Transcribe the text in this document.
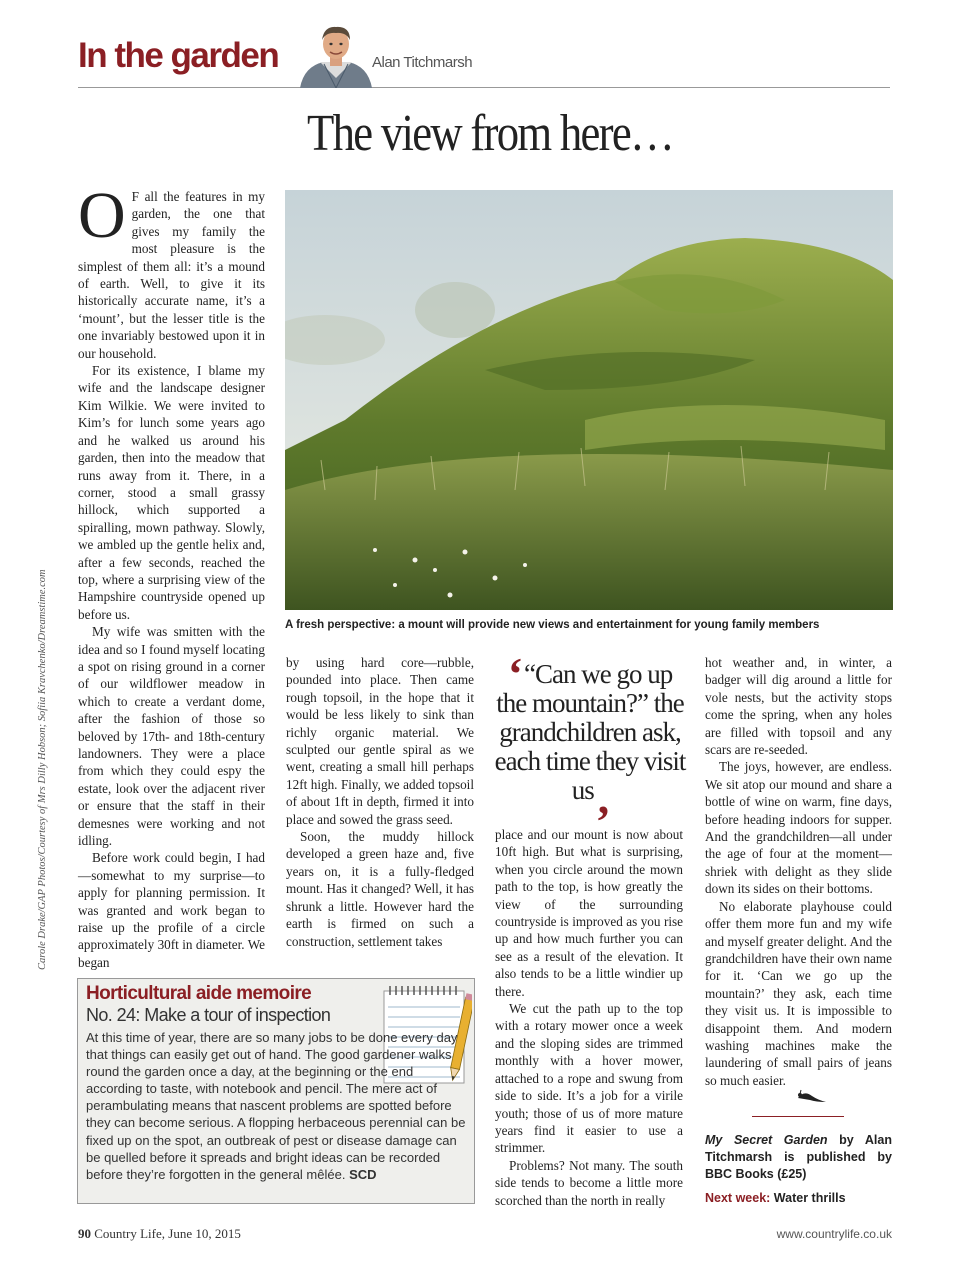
In the garden	Alan Titchmarsh
The view from here…
A fresh perspective: a mount will provide new views and entertainment for young family members
Carole Drake/GAP Photos/Courtesy of Mrs Dilly Hobson; Sofiia Kravchenko/Dreamstime.com

O F all the features in my garden, the one that gives my family the most pleasure is the simplest of them all: it’s a mound of earth. Well, to give it its historically accurate name, it’s a ‘mount’, but the lesser title is the one invariably bestowed upon it in our household.

For its existence, I blame my wife and the landscape designer Kim Wilkie. We were invited to Kim’s for lunch some years ago and he walked us around his garden, then into the meadow that runs away from it. There, in a corner, stood a small grassy hillock, which supported a spiralling, mown pathway. Slowly, we ambled up the gentle helix and, after a few seconds, reached the top, where a surprising view of the Hampshire countryside opened up before us.

My wife was smitten with the idea and so I found myself locating a spot on rising ground in a corner of our wildflower meadow in which to create a verdant dome, after the fashion of those so beloved by 17th- and 18th-century landowners. They were a place from which they could espy the estate, look over the adjacent river or ensure that the staff in their demesnes were working and not idling.

Before work could begin, I had—somewhat to my surprise—to apply for planning permission. It was granted and work began to raise up the profile of a circle approximately 30ft in diameter. We began

by using hard core—rubble, pounded into place. Then came rough topsoil, in the hope that it would be less likely to sink than richly organic material. We sculpted our gentle spiral as we went, creating a small hill perhaps 12ft high. Finally, we added topsoil of about 1ft in depth, firmed it into place and sowed the grass seed.

Soon, the muddy hillock developed a green haze and, five years on, it is a fully-fledged mount. Has it changed? Well, it has shrunk a little. However hard the earth is firmed on such a construction, settlement takes

‘“Can we go up the mountain?” the grandchildren ask, each time they visit us,

place and our mount is now about 10ft high. But what is surprising, when you circle around the mown path to the top, is how greatly the view of the surrounding countryside is improved as you rise up and how much further you can see as a result of the elevation. It also tends to be a little windier up there.

We cut the path up to the top with a rotary mower once a week and the sloping sides are trimmed monthly with a hover mower, attached to a rope and swung from side to side. It’s a job for a virile youth; those of us of more mature years find it easier to use a strimmer.

Problems? Not many. The south side tends to become a little more scorched than the north in really

hot weather and, in winter, a badger will dig around a little for vole nests, but the activity stops come the spring, when any holes are filled with topsoil and any scars are re-seeded.

The joys, however, are endless. We sit atop our mound and share a bottle of wine on warm, fine days, before heading indoors for supper. And the grandchildren—all under the age of four at the moment—shriek with delight as they slide down its sides on their bottoms.

No elaborate playhouse could offer them more fun and my wife and myself greater delight. And the grandchildren have their own name for it. ‘Can we go up the mountain?’ they ask, each time they visit us. It is impossible to disappoint them. And modern washing machines make the laundering of small pairs of jeans so much easier.

My Secret Garden by Alan Titchmarsh is published by BBC Books (£25)
Next week: Water thrills
Horticultural aide memoire
No. 24: Make a tour of inspection
At this time of year, there are so many jobs to be done every day that things can easily get out of hand. The good gardener walks round the garden once a day, at the beginning or the end according to taste, with notebook and pencil. The mere act of perambulating means that nascent problems are spotted before they can become serious. A flopping herbaceous perennial can be fixed up on the spot, an outbreak of pest or disease damage can be quelled before it spreads and bright ideas can be recorded before they’re forgotten in the general mêlée. SCD
90 Country Life, June 10, 2015	www.countrylife.co.uk
